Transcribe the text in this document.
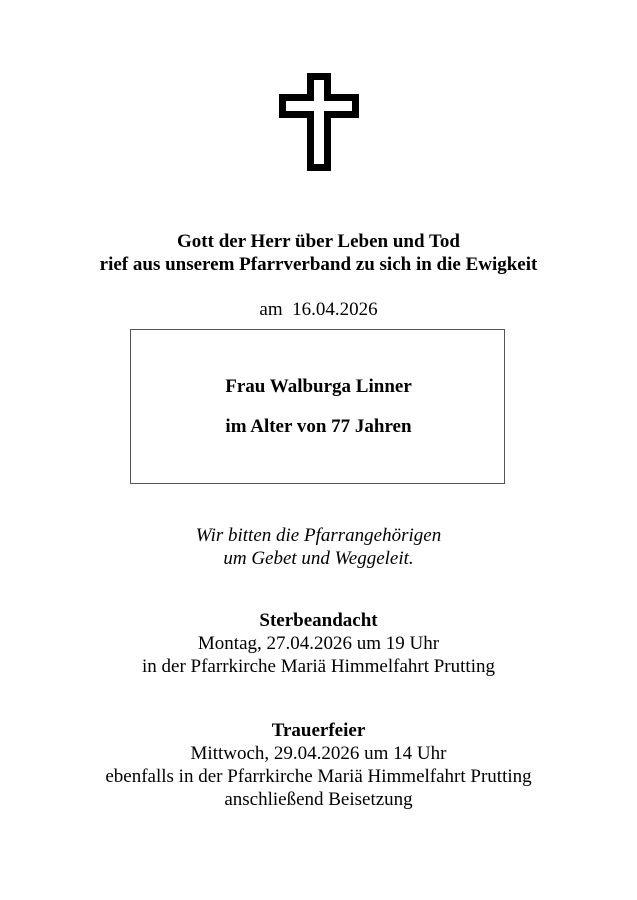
Gott der Herr über Leben und Tod
rief aus unserem Pfarrverband zu sich in die Ewigkeit
am  16.04.2026
Frau Walburga Linner
im Alter von 77 Jahren
Wir bitten die Pfarrangehörigen
um Gebet und Weggeleit.
Sterbeandacht
Montag, 27.04.2026 um 19 Uhr
in der Pfarrkirche Mariä Himmelfahrt Prutting
Trauerfeier
Mittwoch, 29.04.2026 um 14 Uhr
ebenfalls in der Pfarrkirche Mariä Himmelfahrt Prutting
anschließend Beisetzung
